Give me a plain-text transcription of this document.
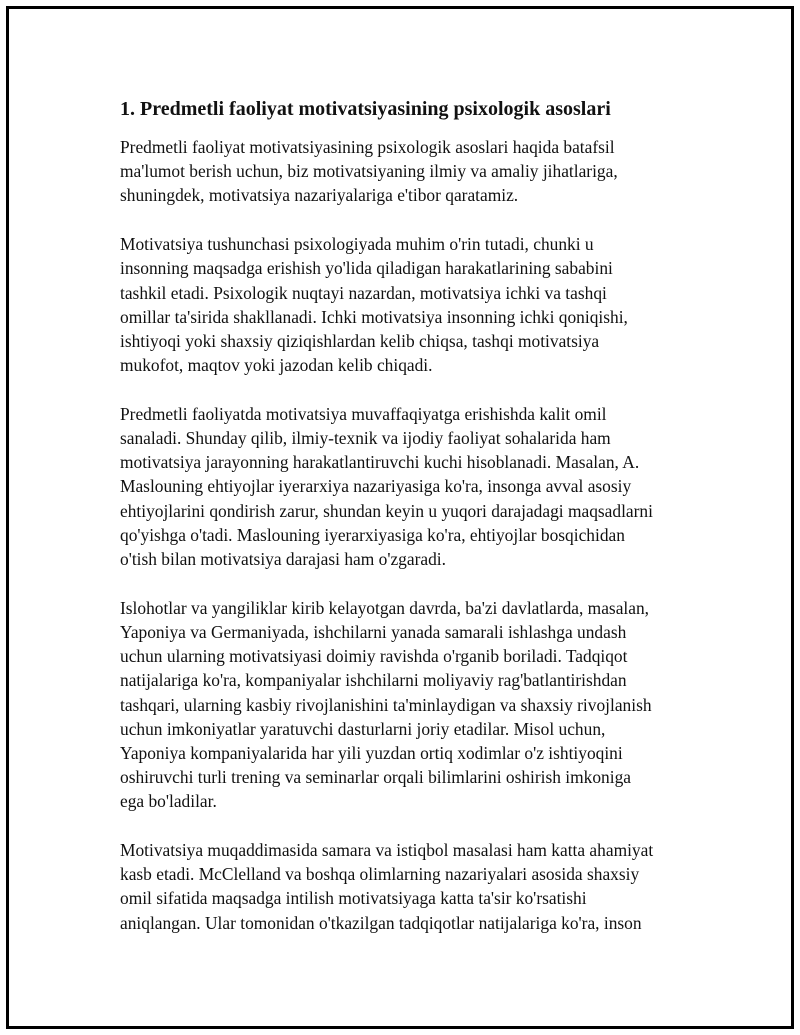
1. Predmetli faoliyat motivatsiyasining psixologik asoslari
Predmetli faoliyat motivatsiyasining psixologik asoslari haqida batafsil
ma'lumot berish uchun, biz motivatsiyaning ilmiy va amaliy jihatlariga,
shuningdek, motivatsiya nazariyalariga e'tibor qaratamiz.
Motivatsiya tushunchasi psixologiyada muhim o'rin tutadi, chunki u
insonning maqsadga erishish yo'lida qiladigan harakatlarining sababini
tashkil etadi. Psixologik nuqtayi nazardan, motivatsiya ichki va tashqi
omillar ta'sirida shakllanadi. Ichki motivatsiya insonning ichki qoniqishi,
ishtiyoqi yoki shaxsiy qiziqishlardan kelib chiqsa, tashqi motivatsiya
mukofot, maqtov yoki jazodan kelib chiqadi.
Predmetli faoliyatda motivatsiya muvaffaqiyatga erishishda kalit omil
sanaladi. Shunday qilib, ilmiy-texnik va ijodiy faoliyat sohalarida ham
motivatsiya jarayonning harakatlantiruvchi kuchi hisoblanadi. Masalan, A.
Maslouning ehtiyojlar iyerarxiya nazariyasiga ko'ra, insonga avval asosiy
ehtiyojlarini qondirish zarur, shundan keyin u yuqori darajadagi maqsadlarni
qo'yishga o'tadi. Maslouning iyerarxiyasiga ko'ra, ehtiyojlar bosqichidan
o'tish bilan motivatsiya darajasi ham o'zgaradi.
Islohotlar va yangiliklar kirib kelayotgan davrda, ba'zi davlatlarda, masalan,
Yaponiya va Germaniyada, ishchilarni yanada samarali ishlashga undash
uchun ularning motivatsiyasi doimiy ravishda o'rganib boriladi. Tadqiqot
natijalariga ko'ra, kompaniyalar ishchilarni moliyaviy rag'batlantirishdan
tashqari, ularning kasbiy rivojlanishini ta'minlaydigan va shaxsiy rivojlanish
uchun imkoniyatlar yaratuvchi dasturlarni joriy etadilar. Misol uchun,
Yaponiya kompaniyalarida har yili yuzdan ortiq xodimlar o'z ishtiyoqini
oshiruvchi turli trening va seminarlar orqali bilimlarini oshirish imkoniga
ega bo'ladilar.
Motivatsiya muqaddimasida samara va istiqbol masalasi ham katta ahamiyat
kasb etadi. McClelland va boshqa olimlarning nazariyalari asosida shaxsiy
omil sifatida maqsadga intilish motivatsiyaga katta ta'sir ko'rsatishi
aniqlangan. Ular tomonidan o'tkazilgan tadqiqotlar natijalariga ko'ra, inson
